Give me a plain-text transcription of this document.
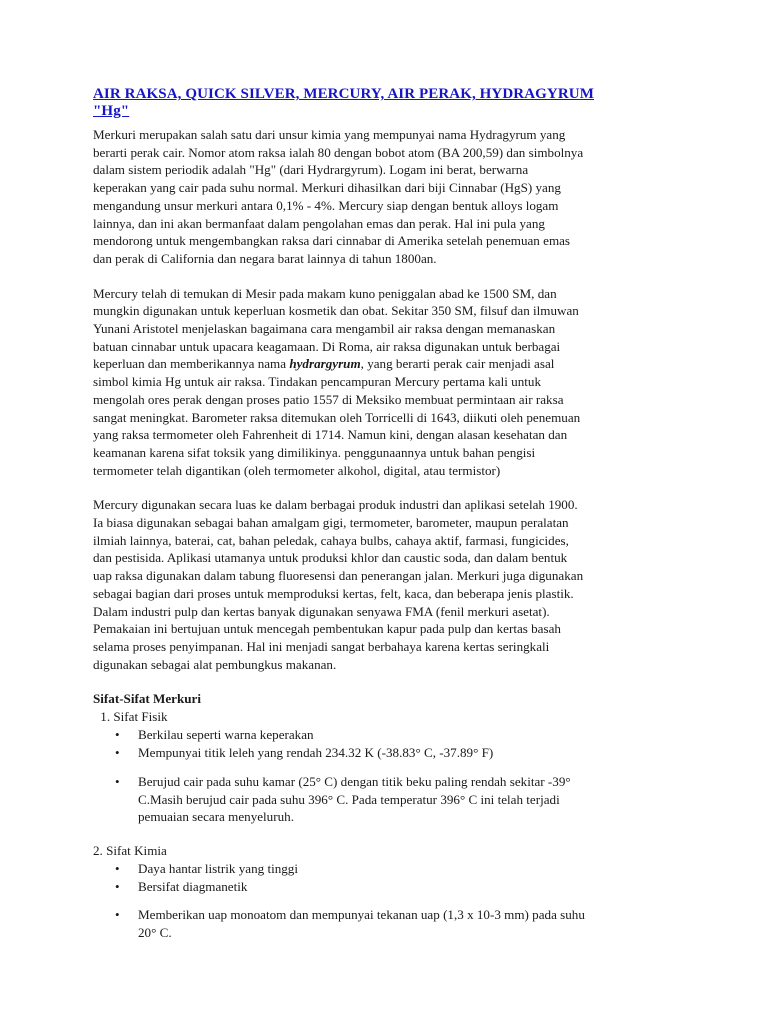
AIR RAKSA, QUICK SILVER, MERCURY, AIR PERAK, HYDRAGYRUM
"Hg"

Merkuri merupakan salah satu dari unsur kimia yang mempunyai nama Hydragyrum yang
berarti perak cair. Nomor atom raksa ialah 80 dengan bobot atom (BA 200,59) dan simbolnya
dalam sistem periodik adalah "Hg" (dari Hydrargyrum). Logam ini berat, berwarna
keperakan yang cair pada suhu normal. Merkuri dihasilkan dari biji Cinnabar (HgS) yang
mengandung unsur merkuri antara 0,1% - 4%. Mercury siap dengan bentuk alloys logam
lainnya, dan ini akan bermanfaat dalam pengolahan emas dan perak. Hal ini pula yang
mendorong untuk mengembangkan raksa dari cinnabar di Amerika setelah penemuan emas
dan perak di California dan negara barat lainnya di tahun 1800an.

Mercury telah di temukan di Mesir pada makam kuno peniggalan abad ke 1500 SM, dan
mungkin digunakan untuk keperluan kosmetik dan obat. Sekitar 350 SM, filsuf dan ilmuwan
Yunani Aristotel menjelaskan bagaimana cara mengambil air raksa dengan memanaskan
batuan cinnabar untuk upacara keagamaan. Di Roma, air raksa digunakan untuk berbagai
keperluan dan memberikannya nama hydrargyrum, yang berarti perak cair menjadi asal
simbol kimia Hg untuk air raksa. Tindakan pencampuran Mercury pertama kali untuk
mengolah ores perak dengan proses patio 1557 di Meksiko membuat permintaan air raksa
sangat meningkat. Barometer raksa ditemukan oleh Torricelli di 1643, diikuti oleh penemuan
yang raksa termometer oleh Fahrenheit di 1714. Namun kini, dengan alasan kesehatan dan
keamanan karena sifat toksik yang dimilikinya. penggunaannya untuk bahan pengisi
termometer telah digantikan (oleh termometer alkohol, digital, atau termistor)

Mercury digunakan secara luas ke dalam berbagai produk industri dan aplikasi setelah 1900.
Ia biasa digunakan sebagai bahan amalgam gigi, termometer, barometer, maupun peralatan
ilmiah lainnya, baterai, cat, bahan peledak, cahaya bulbs, cahaya aktif, farmasi, fungicides,
dan pestisida. Aplikasi utamanya untuk produksi khlor dan caustic soda, dan dalam bentuk
uap raksa digunakan dalam tabung fluoresensi dan penerangan jalan. Merkuri juga digunakan
sebagai bagian dari proses untuk memproduksi kertas, felt, kaca, dan beberapa jenis plastik.
Dalam industri pulp dan kertas banyak digunakan senyawa FMA (fenil merkuri asetat).
Pemakaian ini bertujuan untuk mencegah pembentukan kapur pada pulp dan kertas basah
selama proses penyimpanan. Hal ini menjadi sangat berbahaya karena kertas seringkali
digunakan sebagai alat pembungkus makanan.

Sifat-Sifat Merkuri
1. Sifat Fisik
• Berkilau seperti warna keperakan
• Mempunyai titik leleh yang rendah 234.32 K (-38.83° C, -37.89° F)
• Berujud cair pada suhu kamar (25° C) dengan titik beku paling rendah sekitar -39°
C.Masih berujud cair pada suhu 396° C. Pada temperatur 396° C ini telah terjadi
pemuaian secara menyeluruh.
2. Sifat Kimia
• Daya hantar listrik yang tinggi
• Bersifat diagmanetik
• Memberikan uap monoatom dan mempunyai tekanan uap (1,3 x 10-3 mm) pada suhu
20° C.
